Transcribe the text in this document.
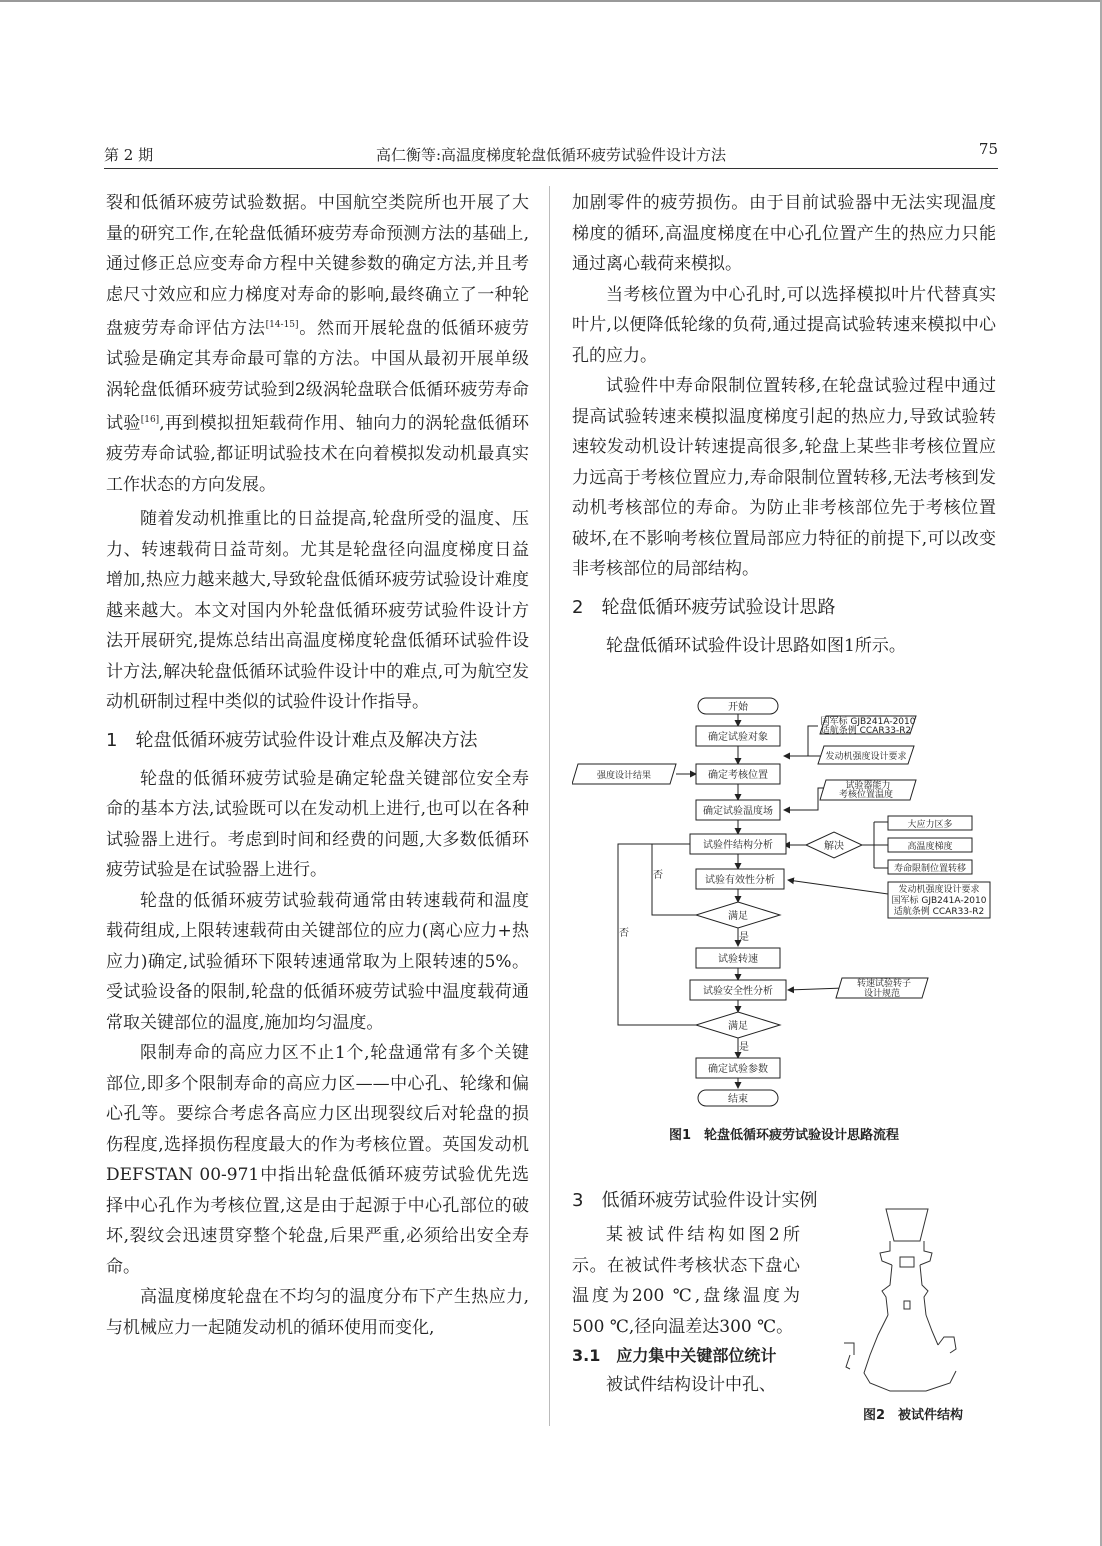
第 2 期	高仁衡等:高温度梯度轮盘低循环疲劳试验件设计方法	75

裂和低循环疲劳试验数据。中国航空类院所也开展了大量的研究工作,在轮盘低循环疲劳寿命预测方法的基础上,通过修正总应变寿命方程中关键参数的确定方法,并且考虑尺寸效应和应力梯度对寿命的影响,最终确立了一种轮盘疲劳寿命评估方法[14-15]。然而开展轮盘的低循环疲劳试验是确定其寿命最可靠的方法。中国从最初开展单级涡轮盘低循环疲劳试验到2级涡轮盘联合低循环疲劳寿命试验[16],再到模拟扭矩载荷作用、轴向力的涡轮盘低循环疲劳寿命试验,都证明试验技术在向着模拟发动机最真实工作状态的方向发展。

随着发动机推重比的日益提高,轮盘所受的温度、压力、转速载荷日益苛刻。尤其是轮盘径向温度梯度日益增加,热应力越来越大,导致轮盘低循环疲劳试验设计难度越来越大。本文对国内外轮盘低循环疲劳试验件设计方法开展研究,提炼总结出高温度梯度轮盘低循环试验件设计方法,解决轮盘低循环试验件设计中的难点,可为航空发动机研制过程中类似的试验件设计作指导。

1　轮盘低循环疲劳试验件设计难点及解决方法

轮盘的低循环疲劳试验是确定轮盘关键部位安全寿命的基本方法,试验既可以在发动机上进行,也可以在各种试验器上进行。考虑到时间和经费的问题,大多数低循环疲劳试验是在试验器上进行。

轮盘的低循环疲劳试验载荷通常由转速载荷和温度载荷组成,上限转速载荷由关键部位的应力(离心应力+热应力)确定,试验循环下限转速通常取为上限转速的5%。受试验设备的限制,轮盘的低循环疲劳试验中温度载荷通常取关键部位的温度,施加均匀温度。

限制寿命的高应力区不止1个,轮盘通常有多个关键部位,即多个限制寿命的高应力区——中心孔、轮缘和偏心孔等。要综合考虑各高应力区出现裂纹后对轮盘的损伤程度,选择损伤程度最大的作为考核位置。英国发动机DEFSTAN 00-971中指出轮盘低循环疲劳试验优先选择中心孔作为考核位置,这是由于起源于中心孔部位的破坏,裂纹会迅速贯穿整个轮盘,后果严重,必须给出安全寿命。

高温度梯度轮盘在不均匀的温度分布下产生热应力,与机械应力一起随发动机的循环使用而变化,

加剧零件的疲劳损伤。由于目前试验器中无法实现温度梯度的循环,高温度梯度在中心孔位置产生的热应力只能通过离心载荷来模拟。

当考核位置为中心孔时,可以选择模拟叶片代替真实叶片,以便降低轮缘的负荷,通过提高试验转速来模拟中心孔的应力。

试验件中寿命限制位置转移,在轮盘试验过程中通过提高试验转速来模拟温度梯度引起的热应力,导致试验转速较发动机设计转速提高很多,轮盘上某些非考核位置应力远高于考核位置应力,寿命限制位置转移,无法考核到发动机考核部位的寿命。为防止非考核部位先于考核位置破坏,在不影响考核位置局部应力特征的前提下,可以改变非考核部位的局部结构。

2　轮盘低循环疲劳试验设计思路

轮盘低循环试验件设计思路如图1所示。

开始
确定试验对象
确定考核位置
确定试验温度场
试验件结构分析
试验有效性分析
满足
试验转速
试验安全性分析
满足
确定试验参数
结束
国军标 GJB241A-2010
适航条例 CCAR33-R2
发动机强度设计要求
强度设计结果
试验器能力
考核位置温度
解决
大应力区多
高温度梯度
寿命限制位置转移
发动机强度设计要求
国军标 GJB241A-2010
适航条例 CCAR33-R2
转速试验转子
设计规范
是
是
否
否
图1　轮盘低循环疲劳试验设计思路流程
3　低循环疲劳试验件设计实例

某被试件结构如图2所示。在被试件考核状态下盘心温度为200 ℃,盘缘温度为500 ℃,径向温差达300 ℃。

3.1　应力集中关键部位统计

被试件结构设计中孔、

图2　被试件结构
